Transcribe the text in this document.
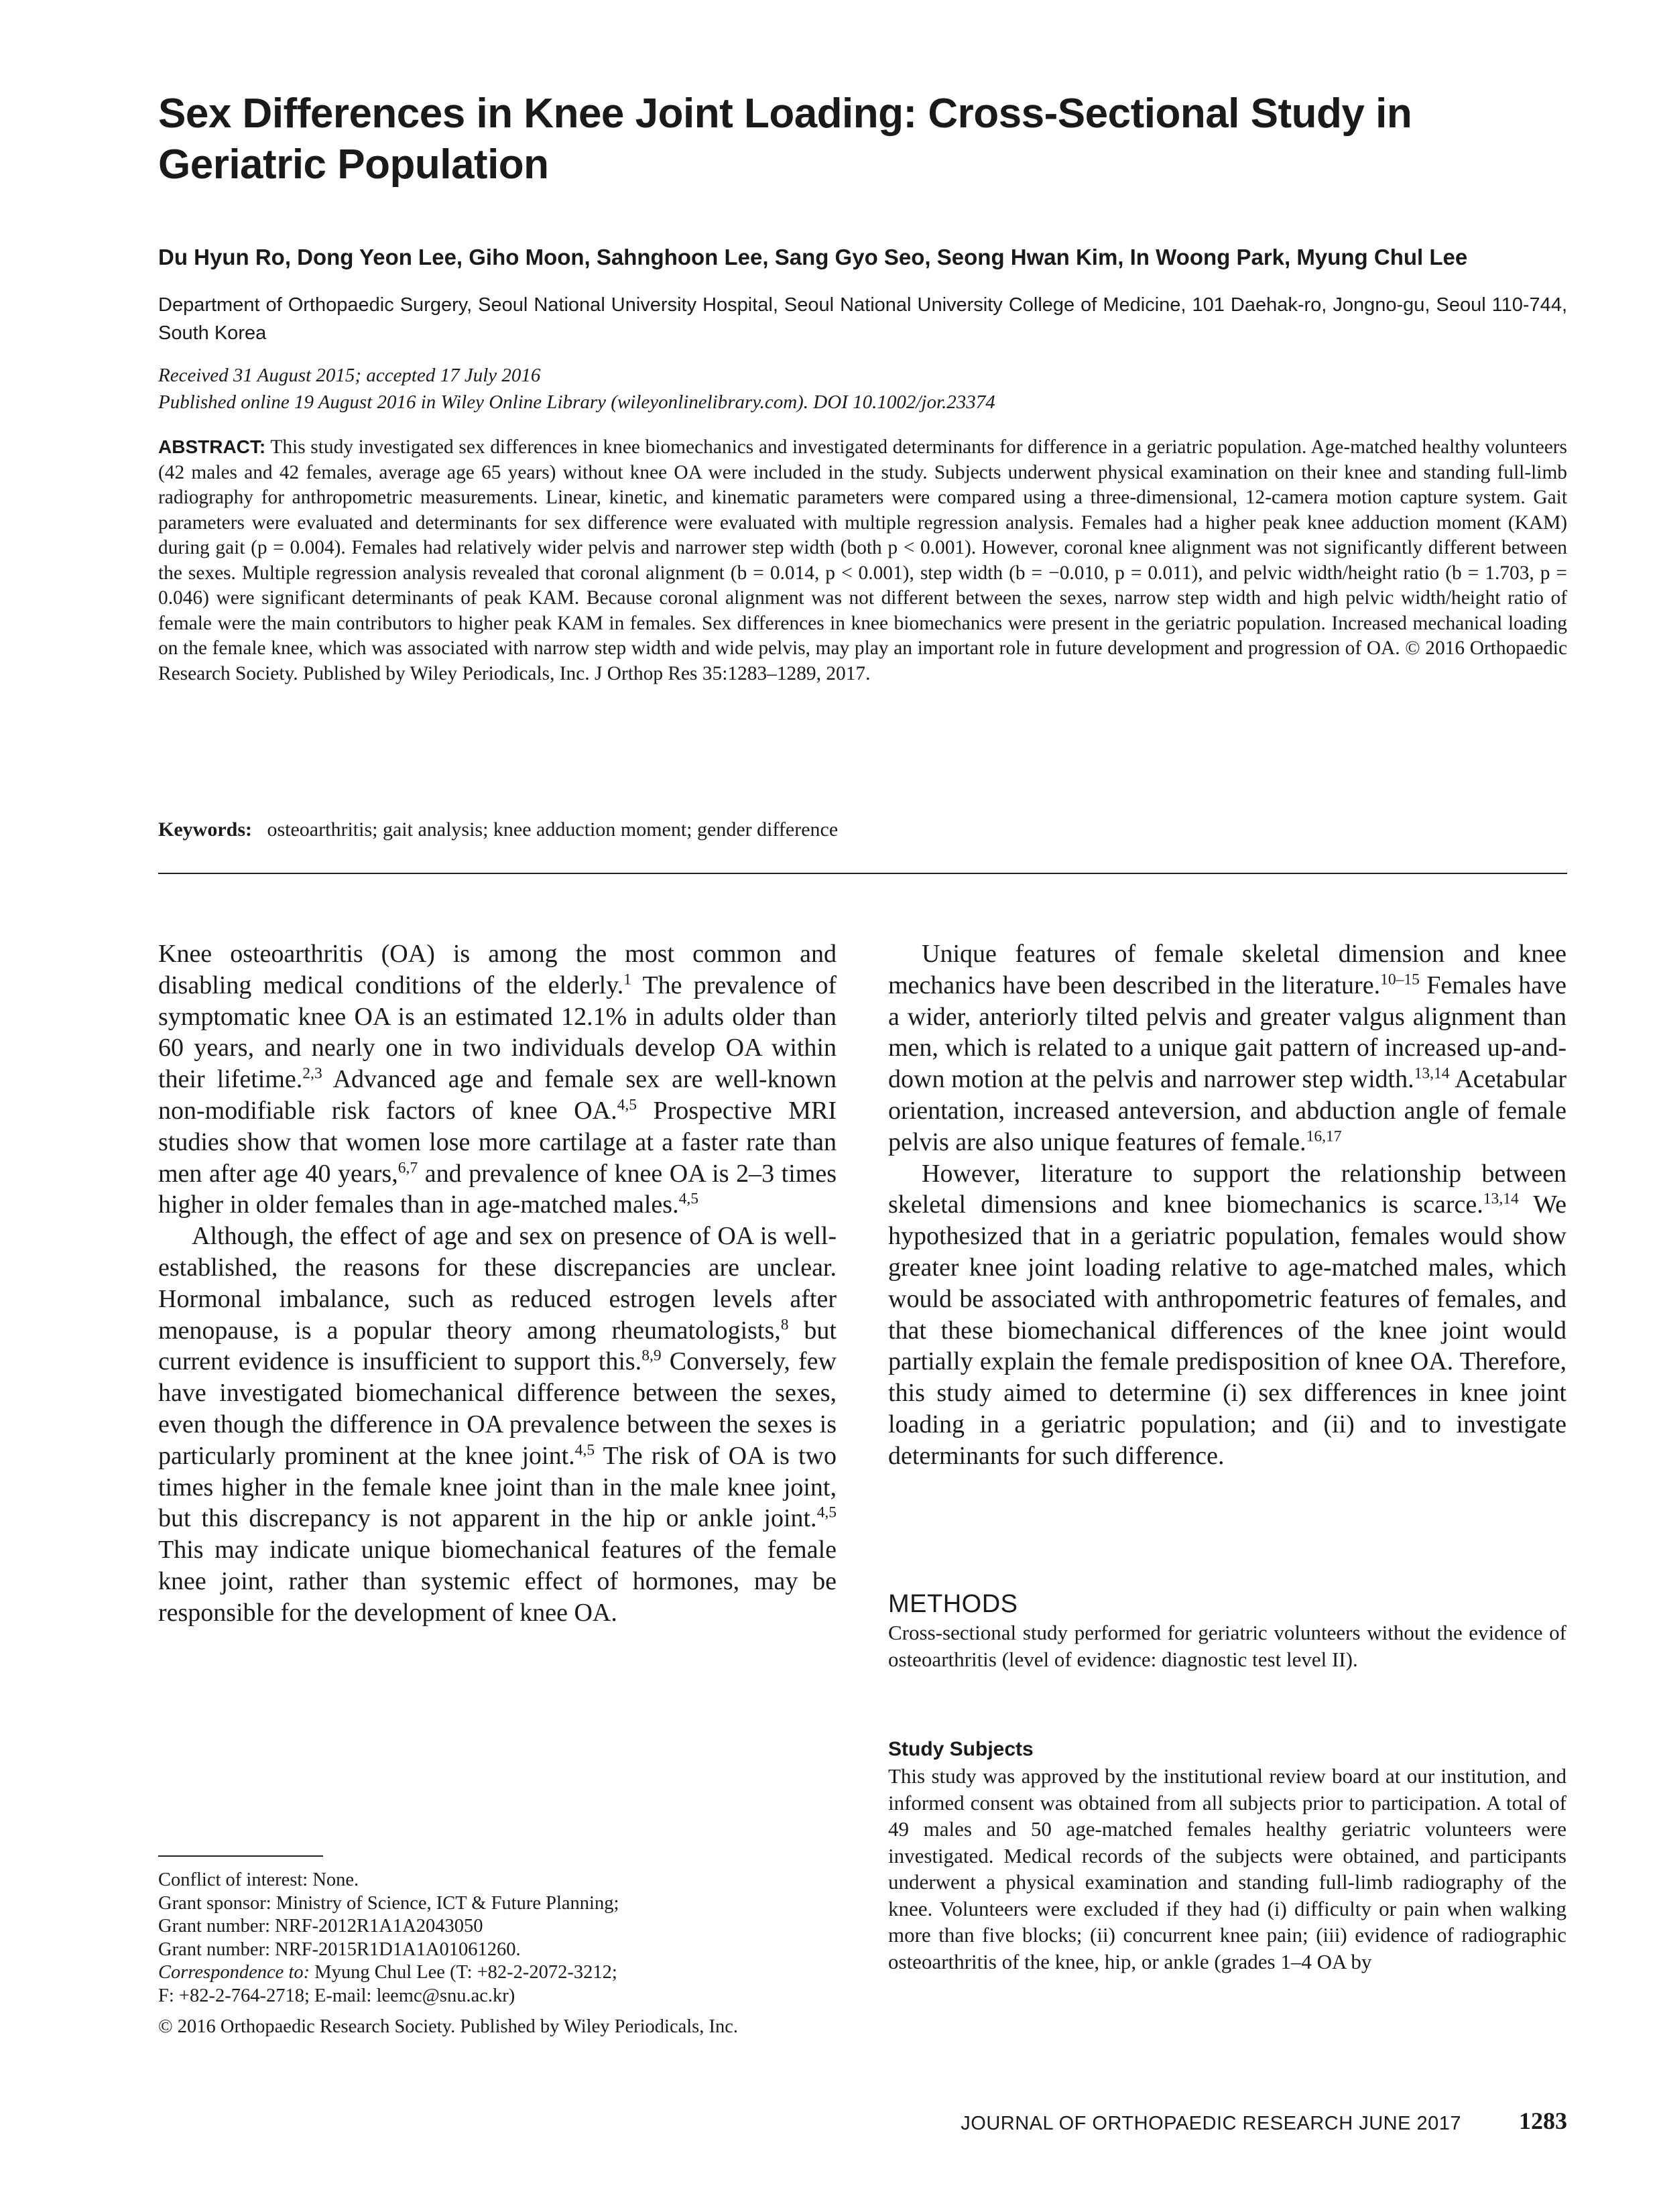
Sex Differences in Knee Joint Loading: Cross-Sectional Study in Geriatric Population

Du Hyun Ro, Dong Yeon Lee, Giho Moon, Sahnghoon Lee, Sang Gyo Seo, Seong Hwan Kim, In Woong Park, Myung Chul Lee

Department of Orthopaedic Surgery, Seoul National University Hospital, Seoul National University College of Medicine, 101 Daehak-ro, Jongno-gu, Seoul 110-744, South Korea

Received 31 August 2015; accepted 17 July 2016

Published online 19 August 2016 in Wiley Online Library (wileyonlinelibrary.com). DOI 10.1002/jor.23374

ABSTRACT: This study investigated sex differences in knee biomechanics and investigated determinants for difference in a geriatric population. Age-matched healthy volunteers (42 males and 42 females, average age 65 years) without knee OA were included in the study. Subjects underwent physical examination on their knee and standing full-limb radiography for anthropometric measurements. Linear, kinetic, and kinematic parameters were compared using a three-dimensional, 12-camera motion capture system. Gait parameters were evaluated and determinants for sex difference were evaluated with multiple regression analysis. Females had a higher peak knee adduction moment (KAM) during gait (p = 0.004). Females had relatively wider pelvis and narrower step width (both p < 0.001). However, coronal knee alignment was not significantly different between the sexes. Multiple regression analysis revealed that coronal alignment (b = 0.014, p < 0.001), step width (b = −0.010, p = 0.011), and pelvic width/height ratio (b = 1.703, p = 0.046) were significant determinants of peak KAM. Because coronal alignment was not different between the sexes, narrow step width and high pelvic width/height ratio of female were the main contributors to higher peak KAM in females. Sex differences in knee biomechanics were present in the geriatric population. Increased mechanical loading on the female knee, which was associated with narrow step width and wide pelvis, may play an important role in future development and progression of OA. © 2016 Orthopaedic Research Society. Published by Wiley Periodicals, Inc. J Orthop Res 35:1283–1289, 2017.

Keywords: osteoarthritis; gait analysis; knee adduction moment; gender difference

Knee osteoarthritis (OA) is among the most common and disabling medical conditions of the elderly.$^1$ The prevalence of symptomatic knee OA is an estimated 12.1% in adults older than 60 years, and nearly one in two individuals develop OA within their lifetime.$^{2,3}$ Advanced age and female sex are well-known non-modifiable risk factors of knee OA.$^{4,5}$ Prospective MRI studies show that women lose more cartilage at a faster rate than men after age 40 years,$^{6,7}$ and prevalence of knee OA is 2–3 times higher in older females than in age-matched males.$^{4,5}$

Although, the effect of age and sex on presence of OA is well-established, the reasons for these discrepancies are unclear. Hormonal imbalance, such as reduced estrogen levels after menopause, is a popular theory among rheumatologists,$^8$ but current evidence is insufficient to support this.$^{8,9}$ Conversely, few have investigated biomechanical difference between the sexes, even though the difference in OA prevalence between the sexes is particularly prominent at the knee joint.$^{4,5}$ The risk of OA is two times higher in the female knee joint than in the male knee joint, but this discrepancy is not apparent in the hip or ankle joint.$^{4,5}$ This may indicate unique biomechanical features of the female knee joint, rather than systemic effect of hormones, may be responsible for the development of knee OA.

Unique features of female skeletal dimension and knee mechanics have been described in the literature.$^{10-15}$ Females have a wider, anteriorly tilted pelvis and greater valgus alignment than men, which is related to a unique gait pattern of increased up-and-down motion at the pelvis and narrower step width.$^{13,14}$ Acetabular orientation, increased anteversion, and abduction angle of female pelvis are also unique features of female.$^{16,17}$

However, literature to support the relationship between skeletal dimensions and knee biomechanics is scarce.$^{13,14}$ We hypothesized that in a geriatric population, females would show greater knee joint loading relative to age-matched males, which would be associated with anthropometric features of females, and that these biomechanical differences of the knee joint would partially explain the female predisposition of knee OA. Therefore, this study aimed to determine (i) sex differences in knee joint loading in a geriatric population; and (ii) and to investigate determinants for such difference.

METHODS

Cross-sectional study performed for geriatric volunteers without the evidence of osteoarthritis (level of evidence: diagnostic test level II).

Study Subjects

This study was approved by the institutional review board at our institution, and informed consent was obtained from all subjects prior to participation. A total of 49 males and 50 age-matched females healthy geriatric volunteers were investigated. Medical records of the subjects were obtained, and participants underwent a physical examination and standing full-limb radiography of the knee. Volunteers were excluded if they had (i) difficulty or pain when walking more than five blocks; (ii) concurrent knee pain; (iii) evidence of radiographic osteoarthritis of the knee, hip, or ankle (grades 1–4 OA by

Conflict of interest: None.

Grant sponsor: Ministry of Science, ICT & Future Planning;

Grant number: NRF-2012R1A1A2043050

Grant number: NRF-2015R1D1A1A01061260.

Correspondence to: Myung Chul Lee (T: +82-2-2072-3212;

F: +82-2-764-2718; E-mail: leemc@snu.ac.kr)

© 2016 Orthopaedic Research Society. Published by Wiley Periodicals, Inc.

JOURNAL OF ORTHOPAEDIC RESEARCH JUNE 2017	1283
